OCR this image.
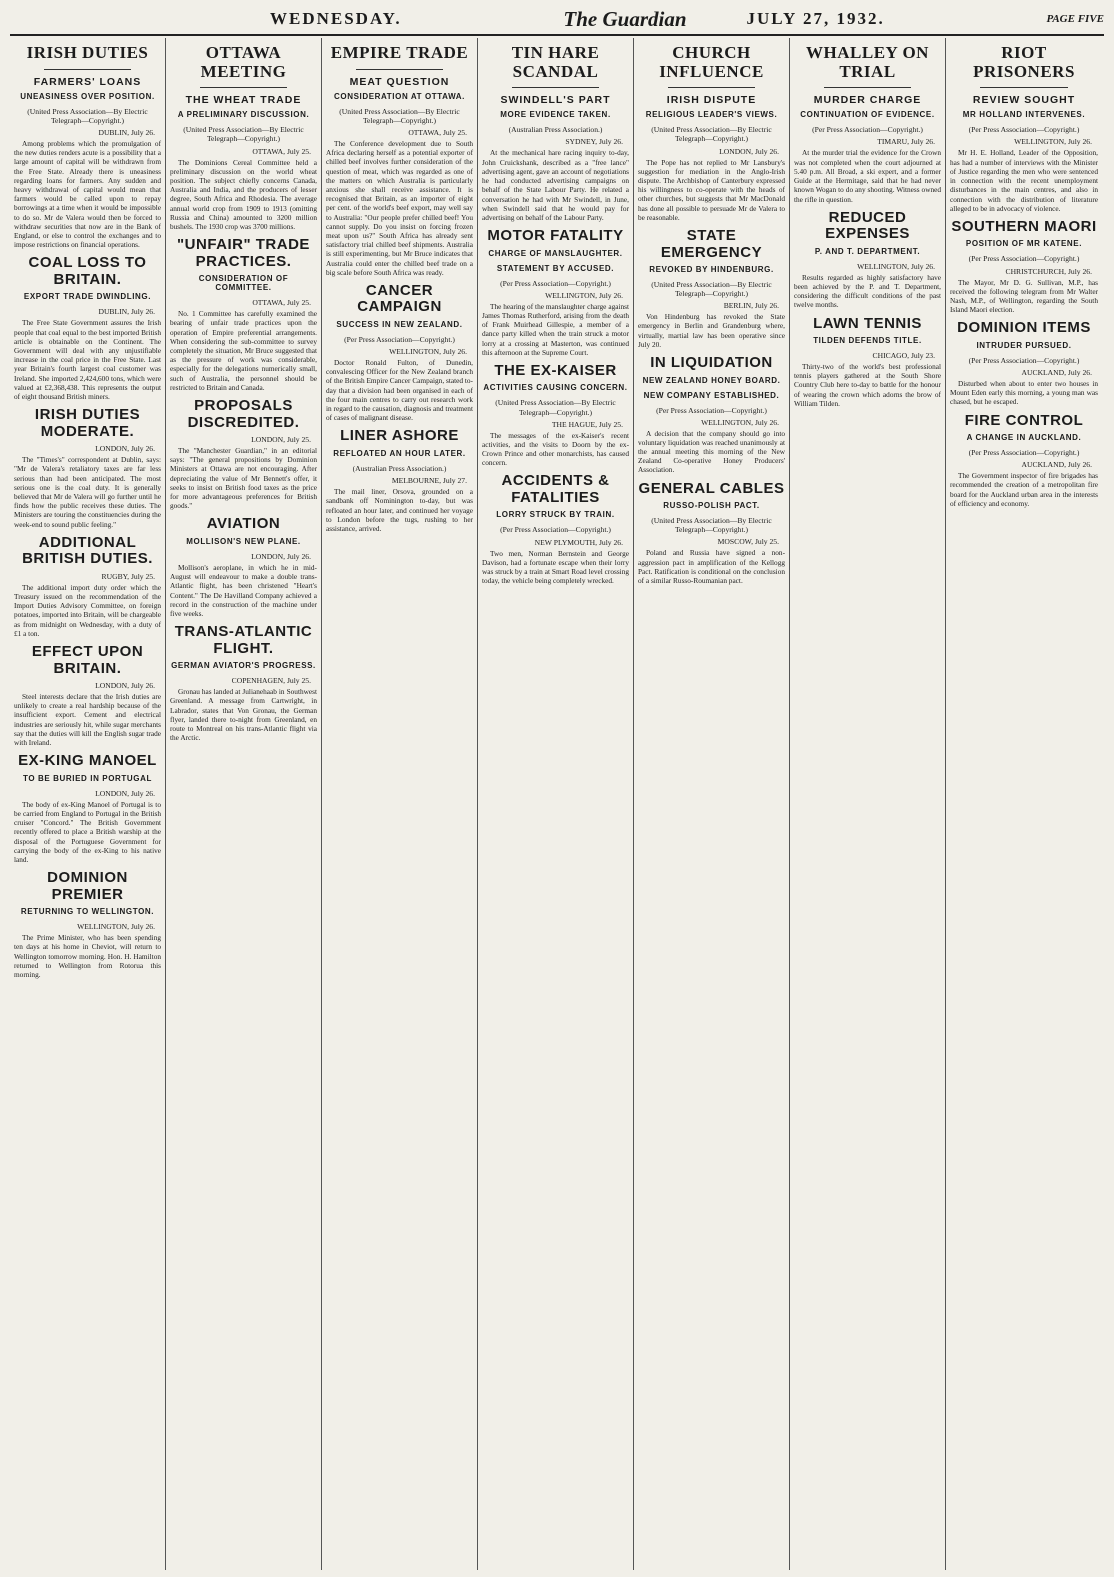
WEDNESDAY.	The Guardian	JULY 27, 1932.	PAGE FIVE
IRISH DUTIES
FARMERS' LOANS
UNEASINESS OVER POSITION.
(United Press Association—By Electric Telegraph—Copyright.)
DUBLIN, July 26.

Among problems which the promulgation of the new duties renders acute is a possibility that a large amount of capital will be withdrawn from the Free State. Already there is uneasiness regarding loans for farmers. Any sudden and heavy withdrawal of capital would mean that farmers would be called upon to repay borrowings at a time when it would be impossible to do so. Mr de Valera would then be forced to withdraw securities that now are in the Bank of England, or else to control the exchanges and to impose restrictions on financial operations.

COAL LOSS TO BRITAIN.
EXPORT TRADE DWINDLING.
DUBLIN, July 26.

The Free State Government assures the Irish people that coal equal to the best imported British article is obtainable on the Continent. The Government will deal with any unjustifiable increase in the coal price in the Free State. Last year Britain's fourth largest coal customer was Ireland. She imported 2,424,600 tons, which were valued at £2,368,438. This represents the output of eight thousand British miners.

IRISH DUTIES MODERATE.
LONDON, July 26.

The "Times's" correspondent at Dublin, says: "Mr de Valera's retaliatory taxes are far less serious than had been anticipated. The most serious one is the coal duty. It is generally believed that Mr de Valera will go further until he finds how the public receives these duties. The Ministers are touring the constituencies during the week-end to sound public feeling."

ADDITIONAL BRITISH DUTIES.
RUGBY, July 25.

The additional import duty order which the Treasury issued on the recommendation of the Import Duties Advisory Committee, on foreign potatoes, imported into Britain, will be chargeable as from midnight on Wednesday, with a duty of £1 a ton.

EFFECT UPON BRITAIN.
LONDON, July 26.

Steel interests declare that the Irish duties are unlikely to create a real hardship because of the insufficient export. Cement and electrical industries are seriously hit, while sugar merchants say that the duties will kill the English sugar trade with Ireland.

EX-KING MANOEL
TO BE BURIED IN PORTUGAL
LONDON, July 26.

The body of ex-King Manoel of Portugal is to be carried from England to Portugal in the British cruiser "Concord." The British Government recently offered to place a British warship at the disposal of the Portuguese Government for carrying the body of the ex-King to his native land.

DOMINION PREMIER
RETURNING TO WELLINGTON.
WELLINGTON, July 26.

The Prime Minister, who has been spending ten days at his home in Cheviot, will return to Wellington tomorrow morning. Hon. H. Hamilton returned to Wellington from Rotorua this morning.

OTTAWA MEETING
THE WHEAT TRADE
A PRELIMINARY DISCUSSION.
(United Press Association—By Electric Telegraph—Copyright.)
OTTAWA, July 25.

The Dominions Cereal Committee held a preliminary discussion on the world wheat position. The subject chiefly concerns Canada, Australia and India, and the producers of lesser degree, South Africa and Rhodesia. The average annual world crop from 1909 to 1913 (omitting Russia and China) amounted to 3200 million bushels. The 1930 crop was 3700 millions.

"UNFAIR" TRADE PRACTICES.
CONSIDERATION OF COMMITTEE.
OTTAWA, July 25.

No. 1 Committee has carefully examined the bearing of unfair trade practices upon the operation of Empire preferential arrangements. When considering the sub-committee to survey completely the situation, Mr Bruce suggested that as the pressure of work was considerable, especially for the delegations numerically small, such of Australia, the personnel should be restricted to Britain and Canada.

PROPOSALS DISCREDITED.
LONDON, July 25.

The "Manchester Guardian," in an editorial says: "The general propositions by Dominion Ministers at Ottawa are not encouraging. After depreciating the value of Mr Bennett's offer, it seeks to insist on British food taxes as the price for more advantageous preferences for British goods."

AVIATION
MOLLISON'S NEW PLANE.
LONDON, July 26.

Mollison's aeroplane, in which he in mid-August will endeavour to make a double trans-Atlantic flight, has been christened "Heart's Content." The De Havilland Company achieved a record in the construction of the machine under five weeks.

TRANS-ATLANTIC FLIGHT.
GERMAN AVIATOR'S PROGRESS.
COPENHAGEN, July 25.

Gronau has landed at Julianehaab in Southwest Greenland. A message from Cartwright, in Labrador, states that Von Gronau, the German flyer, landed there to-night from Greenland, en route to Montreal on his trans-Atlantic flight via the Arctic.

EMPIRE TRADE
MEAT QUESTION
CONSIDERATION AT OTTAWA.
(United Press Association—By Electric Telegraph—Copyright.)
OTTAWA, July 25.

The Conference development due to South Africa declaring herself as a potential exporter of chilled beef involves further consideration of the question of meat, which was regarded as one of the matters on which Australia is particularly anxious she shall receive assistance. It is recognised that Britain, as an importer of eight per cent. of the world's beef export, may well say to Australia: "Our people prefer chilled beef! You cannot supply. Do you insist on forcing frozen meat upon us?" South Africa has already sent satisfactory trial chilled beef shipments. Australia is still experimenting, but Mr Bruce indicates that Australia could enter the chilled beef trade on a big scale before South Africa was ready.

CANCER CAMPAIGN
SUCCESS IN NEW ZEALAND.
(Per Press Association—Copyright.)
WELLINGTON, July 26.

Doctor Ronald Fulton, of Dunedin, convalescing Officer for the New Zealand branch of the British Empire Cancer Campaign, stated to-day that a division had been organised in each of the four main centres to carry out research work in regard to the causation, diagnosis and treatment of cases of malignant disease.

LINER ASHORE
REFLOATED AN HOUR LATER.
(Australian Press Association.)
MELBOURNE, July 27.

The mail liner, Orsova, grounded on a sandbank off Nominington to-day, but was refloated an hour later, and continued her voyage to London before the tugs, rushing to her assistance, arrived.

TIN HARE SCANDAL
SWINDELL'S PART
MORE EVIDENCE TAKEN.
(Australian Press Association.)
SYDNEY, July 26.

At the mechanical hare racing inquiry to-day, John Cruickshank, described as a "free lance" advertising agent, gave an account of negotiations he had conducted advertising campaigns on behalf of the State Labour Party. He related a conversation he had with Mr Swindell, in June, when Swindell said that he would pay for advertising on behalf of the Labour Party.

MOTOR FATALITY
CHARGE OF MANSLAUGHTER.
STATEMENT BY ACCUSED.
(Per Press Association—Copyright.)
WELLINGTON, July 26.

The hearing of the manslaughter charge against James Thomas Rutherford, arising from the death of Frank Muirhead Gillespie, a member of a dance party killed when the train struck a motor lorry at a crossing at Masterton, was continued this afternoon at the Supreme Court.

THE EX-KAISER
ACTIVITIES CAUSING CONCERN.
(United Press Association—By Electric Telegraph—Copyright.)
THE HAGUE, July 25.

The messages of the ex-Kaiser's recent activities, and the visits to Doorn by the ex-Crown Prince and other monarchists, has caused concern.

ACCIDENTS & FATALITIES
LORRY STRUCK BY TRAIN.
(Per Press Association—Copyright.)
NEW PLYMOUTH, July 26.

Two men, Norman Bernstein and George Davison, had a fortunate escape when their lorry was struck by a train at Smart Road level crossing today, the vehicle being completely wrecked.

CHURCH INFLUENCE
IRISH DISPUTE
RELIGIOUS LEADER'S VIEWS.
(United Press Association—By Electric Telegraph—Copyright.)
LONDON, July 26.

The Pope has not replied to Mr Lansbury's suggestion for mediation in the Anglo-Irish dispute. The Archbishop of Canterbury expressed his willingness to co-operate with the heads of other churches, but suggests that Mr MacDonald has done all possible to persuade Mr de Valera to be reasonable.

STATE EMERGENCY
REVOKED BY HINDENBURG.
(United Press Association—By Electric Telegraph—Copyright.)
BERLIN, July 26.

Von Hindenburg has revoked the State emergency in Berlin and Grandenburg where, virtually, martial law has been operative since July 20.

IN LIQUIDATION
NEW ZEALAND HONEY BOARD.
NEW COMPANY ESTABLISHED.
(Per Press Association—Copyright.)
WELLINGTON, July 26.

A decision that the company should go into voluntary liquidation was reached unanimously at the annual meeting this morning of the New Zealand Co-operative Honey Producers' Association.

GENERAL CABLES
RUSSO-POLISH PACT.
(United Press Association—By Electric Telegraph—Copyright.)
MOSCOW, July 25.

Poland and Russia have signed a non-aggression pact in amplification of the Kellogg Pact. Ratification is conditional on the conclusion of a similar Russo-Roumanian pact.

WHALLEY ON TRIAL
MURDER CHARGE
CONTINUATION OF EVIDENCE.
(Per Press Association—Copyright.)
TIMARU, July 26.

At the murder trial the evidence for the Crown was not completed when the court adjourned at 5.40 p.m. All Broad, a ski expert, and a former Guide at the Hermitage, said that he had never known Wogan to do any shooting. Witness owned the rifle in question.

REDUCED EXPENSES
P. AND T. DEPARTMENT.
WELLINGTON, July 26.

Results regarded as highly satisfactory have been achieved by the P. and T. Department, considering the difficult conditions of the past twelve months.

LAWN TENNIS
TILDEN DEFENDS TITLE.
CHICAGO, July 23.

Thirty-two of the world's best professional tennis players gathered at the South Shore Country Club here to-day to battle for the honour of wearing the crown which adorns the brow of William Tilden.

RIOT PRISONERS
REVIEW SOUGHT
MR HOLLAND INTERVENES.
(Per Press Association—Copyright.)
WELLINGTON, July 26.

Mr H. E. Holland, Leader of the Opposition, has had a number of interviews with the Minister of Justice regarding the men who were sentenced in connection with the recent unemployment disturbances in the main centres, and also in connection with the distribution of literature alleged to be in advocacy of violence.

SOUTHERN MAORI
POSITION OF MR KATENE.
(Per Press Association—Copyright.)
CHRISTCHURCH, July 26.

The Mayor, Mr D. G. Sullivan, M.P., has received the following telegram from Mr Walter Nash, M.P., of Wellington, regarding the South Island Maori election.

DOMINION ITEMS
INTRUDER PURSUED.
(Per Press Association—Copyright.)
AUCKLAND, July 26.

Disturbed when about to enter two houses in Mount Eden early this morning, a young man was chased, but he escaped.

FIRE CONTROL
A CHANGE IN AUCKLAND.
(Per Press Association—Copyright.)
AUCKLAND, July 26.

The Government inspector of fire brigades has recommended the creation of a metropolitan fire board for the Auckland urban area in the interests of efficiency and economy.
